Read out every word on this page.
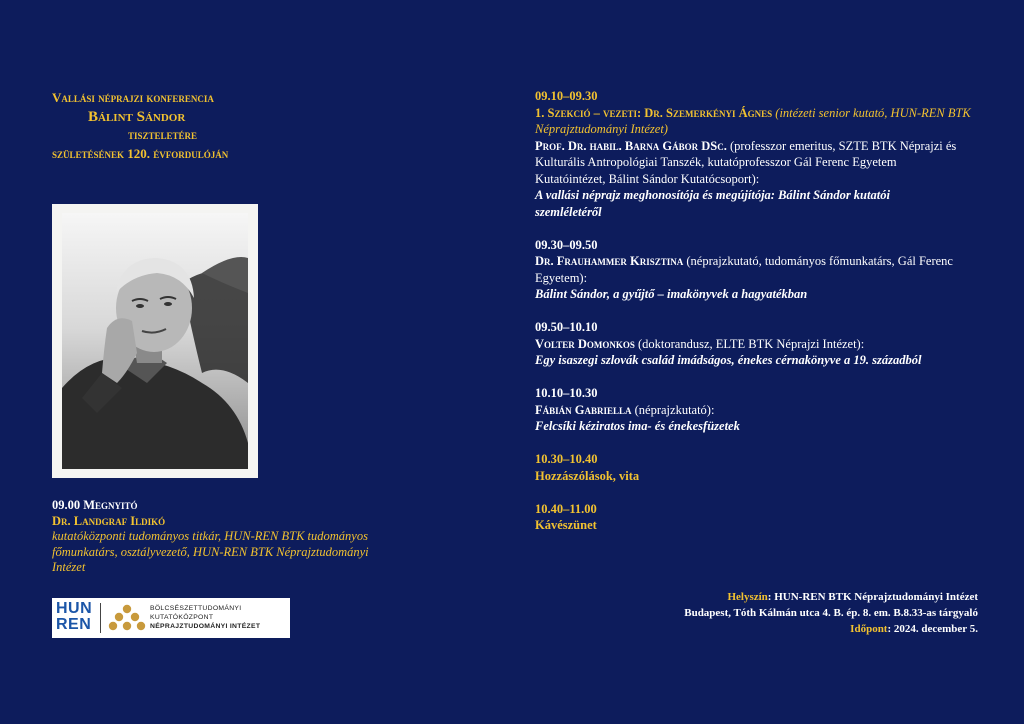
Vallási néprajzi konferencia
Bálint Sándor
tiszteletére
születésének 120. évfordulóján
09.00 Megnyitó
Dr. Landgraf Ildikó
kutatóközponti tudományos titkár, HUN-REN BTK tudományos főmunkatárs, osztályvezető, HUN-REN BTK Néprajztudományi Intézet
HUN
REN
BÖLCSÉSZETTUDOMÁNYI
KUTATÓKÖZPONT
NÉPRAJZTUDOMÁNYI INTÉZET
09.10–09.30
1. Szekció – vezeti: Dr. Szemerkényi Ágnes (intézeti senior kutató, HUN-REN BTK Néprajztudományi Intézet)
Prof. Dr. habil. Barna Gábor DSc. (professzor emeritus, SZTE BTK Néprajzi és Kulturális Antropológiai Tanszék, kutatóprofesszor Gál Ferenc Egyetem Kutatóintézet, Bálint Sándor Kutatócsoport):
A vallási néprajz meghonosítója és megújítója: Bálint Sándor kutatói szemléletéről
09.30–09.50
Dr. Frauhammer Krisztina (néprajzkutató, tudományos főmunkatárs, Gál Ferenc Egyetem):
Bálint Sándor, a gyűjtő – imakönyvek a hagyatékban
09.50–10.10
Volter Domonkos (doktorandusz, ELTE BTK Néprajzi Intézet):
Egy isaszegi szlovák család imádságos, énekes cérnakönyve a 19. századból
10.10–10.30
Fábián Gabriella (néprajzkutató):
Felcsíki kéziratos ima- és énekesfüzetek
10.30–10.40
Hozzászólások, vita
10.40–11.00
Kávészünet
Helyszín: HUN-REN BTK Néprajztudományi Intézet
Budapest, Tóth Kálmán utca 4. B. ép. 8. em. B.8.33-as tárgyaló
Időpont: 2024. december 5.
